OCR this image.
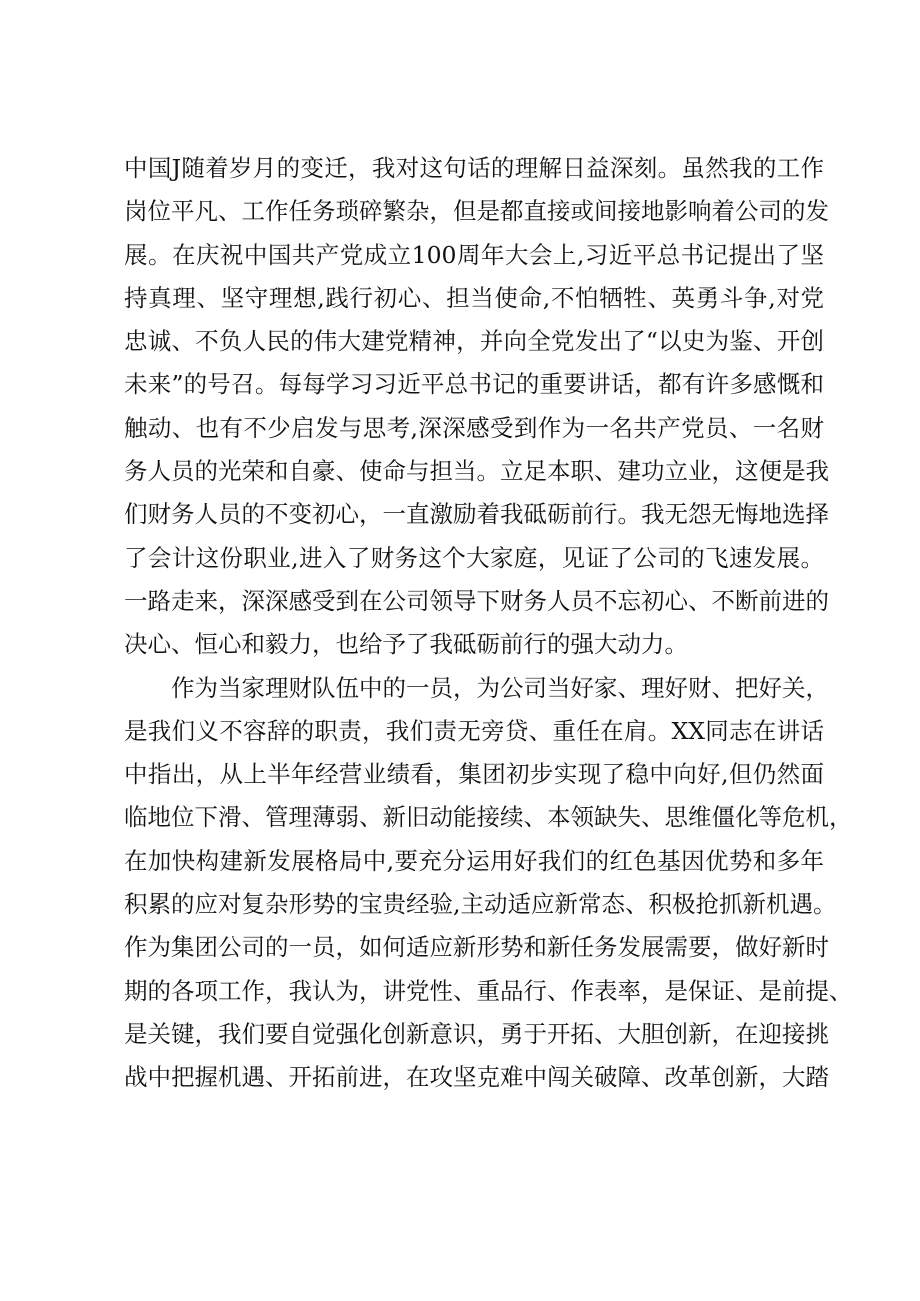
中国J随着岁月的变迁，我对这句话的理解日益深刻。虽然我的工作
岗位平凡、工作任务琐碎繁杂，但是都直接或间接地影响着公司的发
展。在庆祝中国共产党成立100周年大会上,习近平总书记提出了坚
持真理、坚守理想,践行初心、担当使命,不怕牺牲、英勇斗争,对党
忠诚、不负人民的伟大建党精神，并向全党发出了“以史为鉴、开创
未来”的号召。每每学习习近平总书记的重要讲话，都有许多感慨和
触动、也有不少启发与思考,深深感受到作为一名共产党员、一名财
务人员的光荣和自豪、使命与担当。立足本职、建功立业，这便是我
们财务人员的不变初心，一直激励着我砥砺前行。我无怨无悔地选择
了会计这份职业,进入了财务这个大家庭，见证了公司的飞速发展。
一路走来，深深感受到在公司领导下财务人员不忘初心、不断前进的
决心、恒心和毅力，也给予了我砥砺前行的强大动力。
　　作为当家理财队伍中的一员，为公司当好家、理好财、把好关，
是我们义不容辞的职责，我们责无旁贷、重任在肩。XX同志在讲话
中指出，从上半年经营业绩看，集团初步实现了稳中向好,但仍然面
临地位下滑、管理薄弱、新旧动能接续、本领缺失、思维僵化等危机，
在加快构建新发展格局中,要充分运用好我们的红色基因优势和多年
积累的应对复杂形势的宝贵经验,主动适应新常态、积极抢抓新机遇。
作为集团公司的一员，如何适应新形势和新任务发展需要，做好新时
期的各项工作，我认为，讲党性、重品行、作表率，是保证、是前提、
是关键，我们要自觉强化创新意识，勇于开拓、大胆创新，在迎接挑
战中把握机遇、开拓前进，在攻坚克难中闯关破障、改革创新，大踏
